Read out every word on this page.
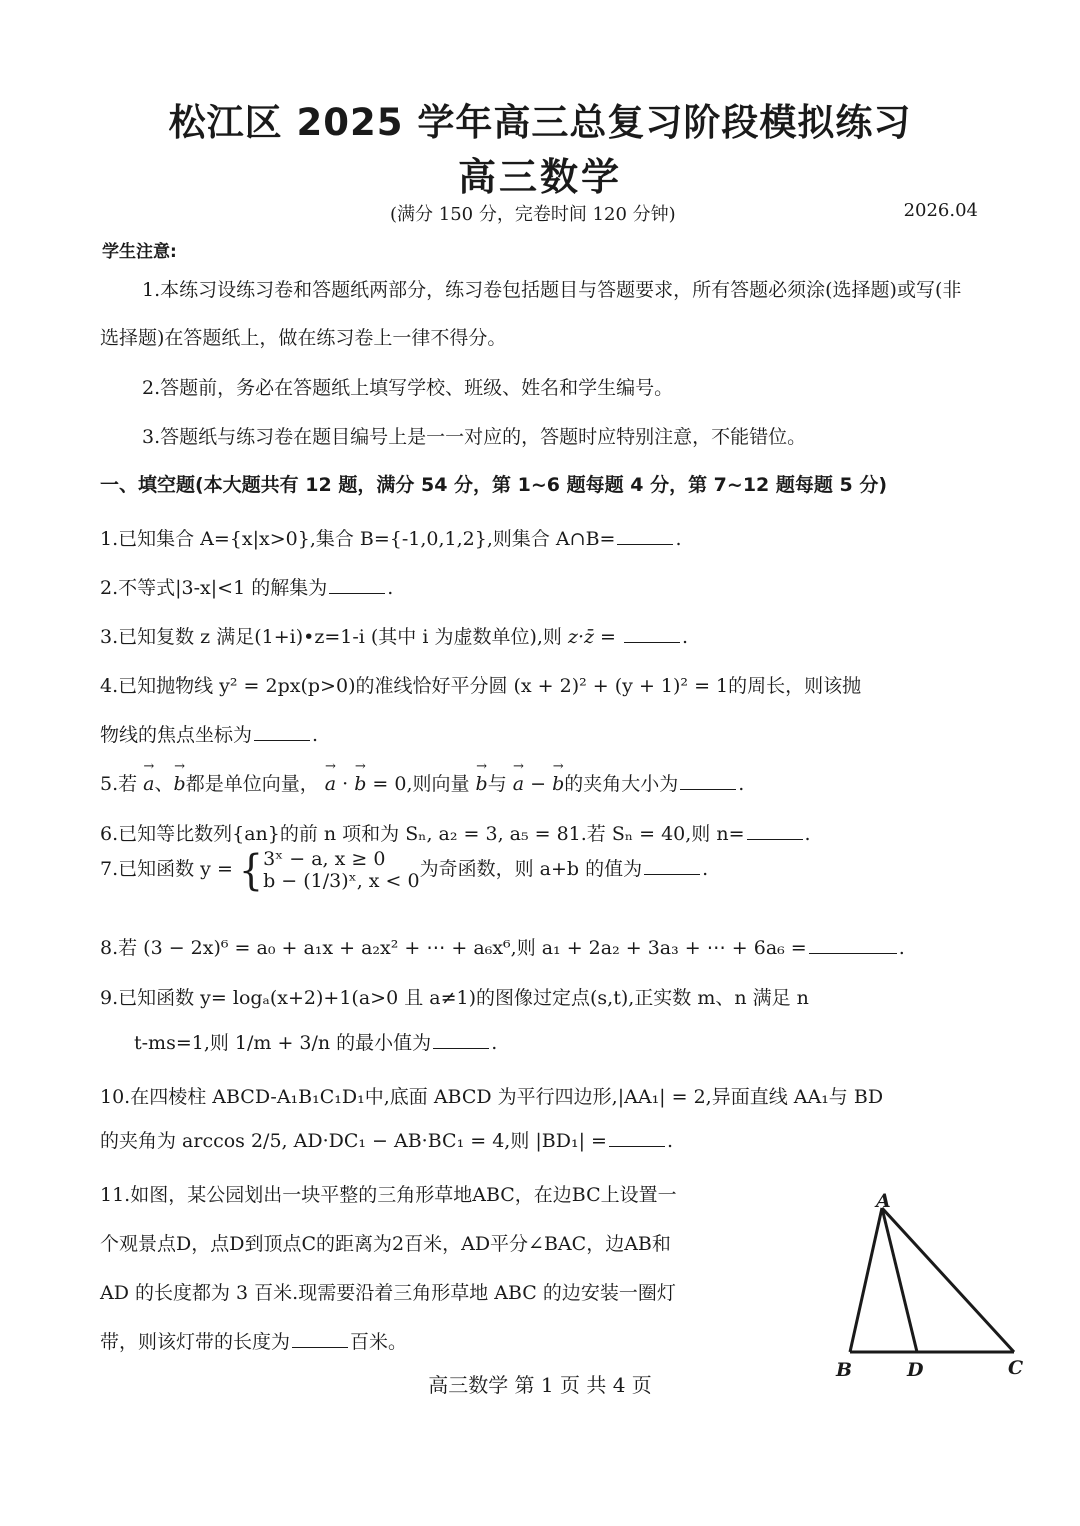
松江区 2025 学年高三总复习阶段模拟练习
高三数学
(满分 150 分，完卷时间 120 分钟)	2026.04
学生注意:
1.本练习设练习卷和答题纸两部分，练习卷包括题目与答题要求，所有答题必须涂(选择题)或写(非选择题)在答题纸上，做在练习卷上一律不得分。
2.答题前，务必在答题纸上填写学校、班级、姓名和学生编号。
3.答题纸与练习卷在题目编号上是一一对应的，答题时应特别注意，不能错位。
一、填空题(本大题共有 12 题，满分 54 分，第 1~6 题每题 4 分，第 7~12 题每题 5 分)
1.已知集合 A={x|x>0},集合 B={-1,0,1,2},则集合 A∩B=	.
2.不等式|3-x|<1 的解集为	.
3.已知复数 z 满足(1+i)•z=1-i (其中 i 为虚数单位),则 z·z̄ =	.
4.已知抛物线 y² = 2px(p>0)的准线恰好平分圆 (x + 2)² + (y + 1)² = 1的周长，则该抛
物线的焦点坐标为	.
5.若 → a、→ b都是单位向量， → a · → b = 0,则向量 → b与 → a − → b的夹角大小为	.
6.已知等比数列{an}的前 n 项和为 Sₙ, a₂ = 3, a₅ = 81.若 Sₙ = 40,则 n=	.
7.已知函数 y = {3ˣ − a, x ≥ 0
b − (1/3)ˣ, x < 0为奇函数，则 a+b 的值为	.
8.若 (3 − 2x)⁶ = a₀ + a₁x + a₂x² + ⋯ + a₆x⁶,则 a₁ + 2a₂ + 3a₃ + ⋯ + 6a₆ =	.
9.已知函数 y= logₐ(x+2)+1(a>0 且 a≠1)的图像过定点(s,t),正实数 m、n 满足 n
t-ms=1,则 1/m + 3/n 的最小值为	.
10.在四棱柱 ABCD-A₁B₁C₁D₁中,底面 ABCD 为平行四边形,|AA₁| = 2,异面直线 AA₁与 BD
的夹角为 arccos 2/5, AD·DC₁ − AB·BC₁ = 4,则 |BD₁| =	.
11.如图，某公园划出一块平整的三角形草地ABC，在边BC上设置一
个观景点D，点D到顶点C的距离为2百米，AD平分∠BAC，边AB和
AD 的长度都为 3 百米.现需要沿着三角形草地 ABC 的边安装一圈灯
带，则该灯带的长度为	百米。
A
B	D	C
高三数学 第 1 页 共 4 页
